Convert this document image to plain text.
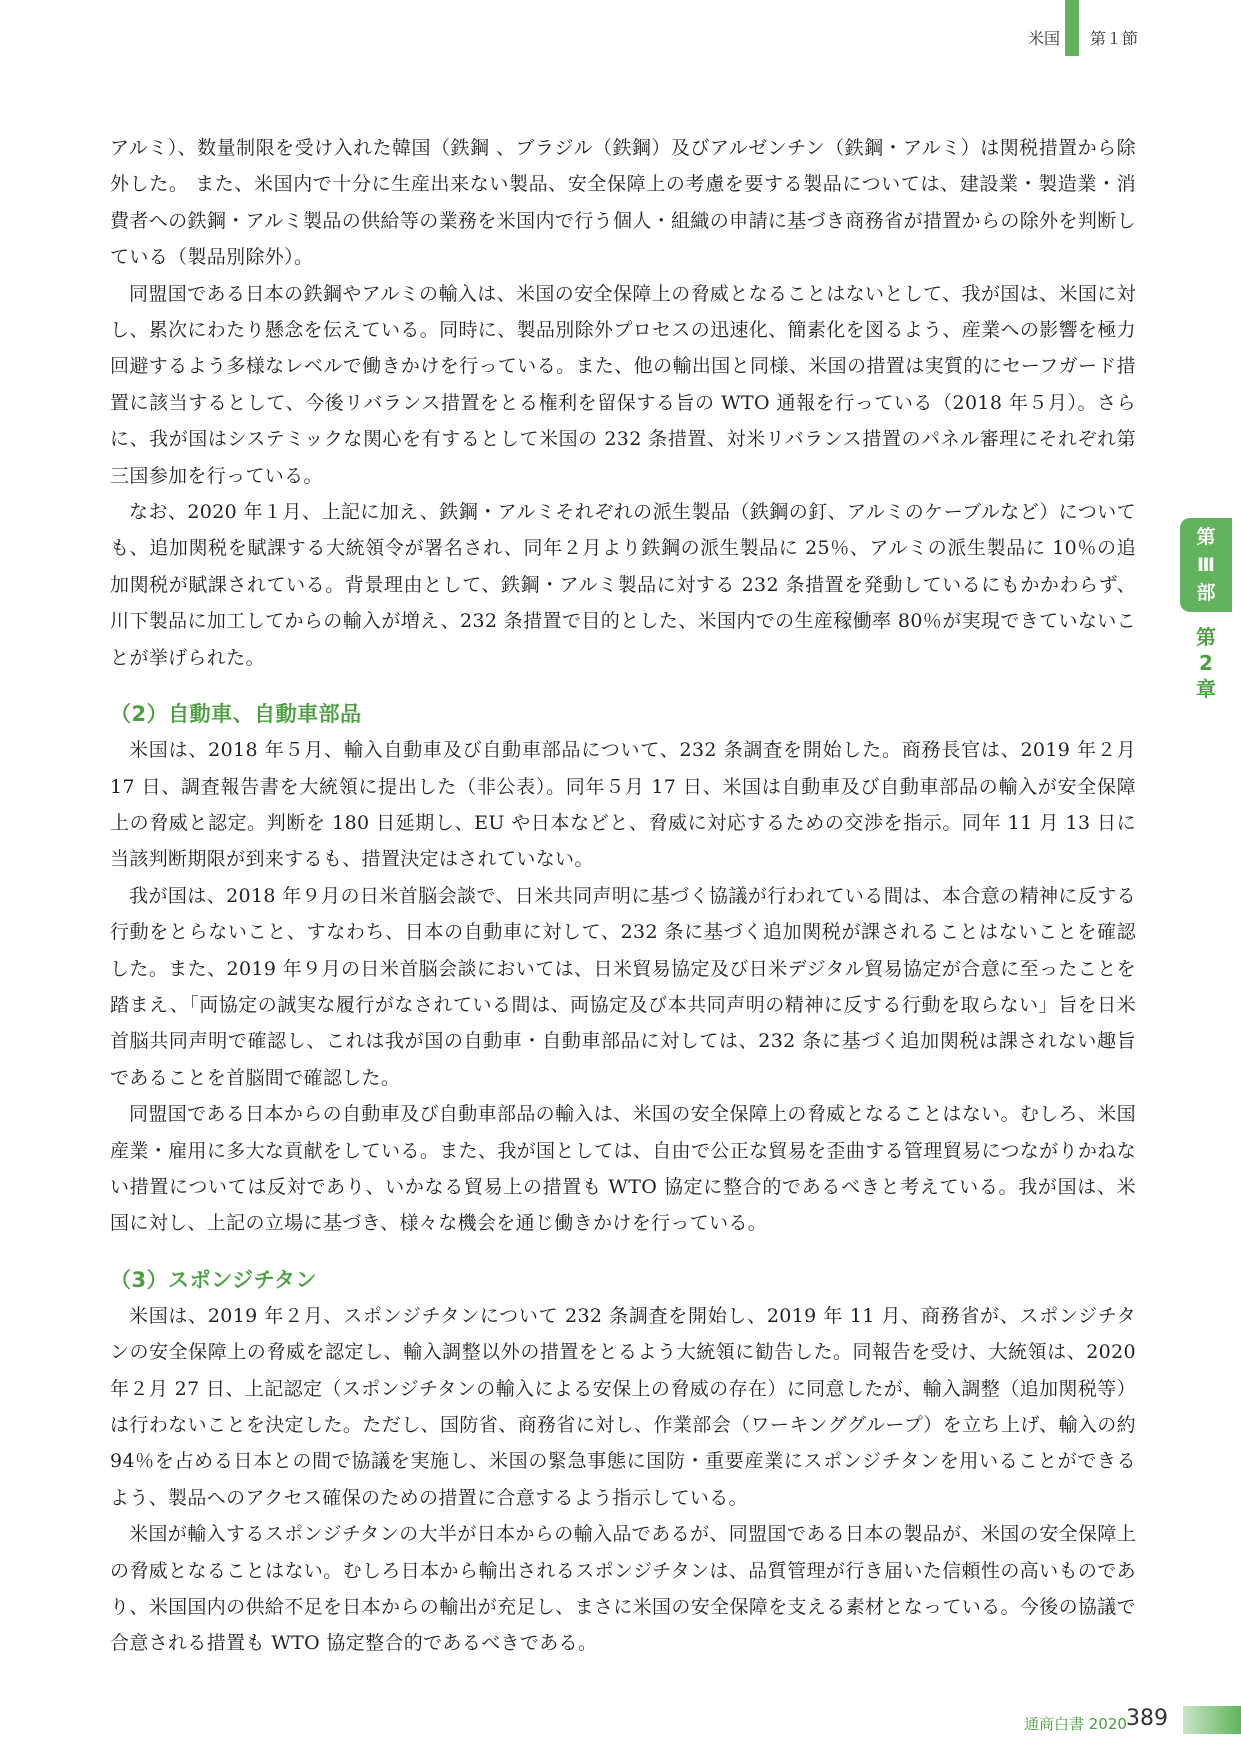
米国 第１節

アルミ）、数量制限を受け入れた韓国（鉄鋼 、ブラジル（鉄鋼）及びアルゼンチン（鉄鋼・アルミ）は関税措置から除外した。 また、米国内で十分に生産出来ない製品、安全保障上の考慮を要する製品については、建設業・製造業・消費者への鉄鋼・アルミ製品の供給等の業務を米国内で行う個人・組織の申請に基づき商務省が措置からの除外を判断している（製品別除外）。

同盟国である日本の鉄鋼やアルミの輸入は、米国の安全保障上の脅威となることはないとして、我が国は、米国に対し、累次にわたり懸念を伝えている。同時に、製品別除外プロセスの迅速化、簡素化を図るよう、産業への影響を極力回避するよう多様なレベルで働きかけを行っている。また、他の輸出国と同様、米国の措置は実質的にセーフガード措置に該当するとして、今後リバランス措置をとる権利を留保する旨の WTO 通報を行っている（2018 年５月）。さらに、我が国はシステミックな関心を有するとして米国の 232 条措置、対米リバランス措置のパネル審理にそれぞれ第三国参加を行っている。

なお、2020 年１月、上記に加え、鉄鋼・アルミそれぞれの派生製品（鉄鋼の釘、アルミのケーブルなど）についても、追加関税を賦課する大統領令が署名され、同年２月より鉄鋼の派生製品に 25％、アルミの派生製品に 10％の追加関税が賦課されている。背景理由として、鉄鋼・アルミ製品に対する 232 条措置を発動しているにもかかわらず、川下製品に加工してからの輸入が増え、232 条措置で目的とした、米国内での生産稼働率 80％が実現できていないことが挙げられた。

（2）自動車、自動車部品

米国は、2018 年５月、輸入自動車及び自動車部品について、232 条調査を開始した。商務長官は、2019 年２月 17 日、調査報告書を大統領に提出した（非公表）。同年５月 17 日、米国は自動車及び自動車部品の輸入が安全保障上の脅威と認定。判断を 180 日延期し、EU や日本などと、脅威に対応するための交渉を指示。同年 11 月 13 日に当該判断期限が到来するも、措置決定はされていない。

我が国は、2018 年９月の日米首脳会談で、日米共同声明に基づく協議が行われている間は、本合意の精神に反する行動をとらないこと、すなわち、日本の自動車に対して、232 条に基づく追加関税が課されることはないことを確認した。また、2019 年９月の日米首脳会談においては、日米貿易協定及び日米デジタル貿易協定が合意に至ったことを踏まえ、「両協定の誠実な履行がなされている間は、両協定及び本共同声明の精神に反する行動を取らない」旨を日米首脳共同声明で確認し、これは我が国の自動車・自動車部品に対しては、232 条に基づく追加関税は課されない趣旨であることを首脳間で確認した。

同盟国である日本からの自動車及び自動車部品の輸入は、米国の安全保障上の脅威となることはない。むしろ、米国産業・雇用に多大な貢献をしている。また、我が国としては、自由で公正な貿易を歪曲する管理貿易につながりかねない措置については反対であり、いかなる貿易上の措置も WTO 協定に整合的であるべきと考えている。我が国は、米国に対し、上記の立場に基づき、様々な機会を通じ働きかけを行っている。

（3）スポンジチタン

米国は、2019 年２月、スポンジチタンについて 232 条調査を開始し、2019 年 11 月、商務省が、スポンジチタンの安全保障上の脅威を認定し、輸入調整以外の措置をとるよう大統領に勧告した。同報告を受け、大統領は、2020 年２月 27 日、上記認定（スポンジチタンの輸入による安保上の脅威の存在）に同意したが、輸入調整（追加関税等）は行わないことを決定した。ただし、国防省、商務省に対し、作業部会（ワーキンググループ）を立ち上げ、輸入の約 94％を占める日本との間で協議を実施し、米国の緊急事態に国防・重要産業にスポンジチタンを用いることができるよう、製品へのアクセス確保のための措置に合意するよう指示している。

米国が輸入するスポンジチタンの大半が日本からの輸入品であるが、同盟国である日本の製品が、米国の安全保障上の脅威となることはない。むしろ日本から輸出されるスポンジチタンは、品質管理が行き届いた信頼性の高いものであり、米国国内の供給不足を日本からの輸出が充足し、まさに米国の安全保障を支える素材となっている。今後の協議で合意される措置も WTO 協定整合的であるべきである。

第
Ⅲ
部
第
2
章
通商白書 2020 389
